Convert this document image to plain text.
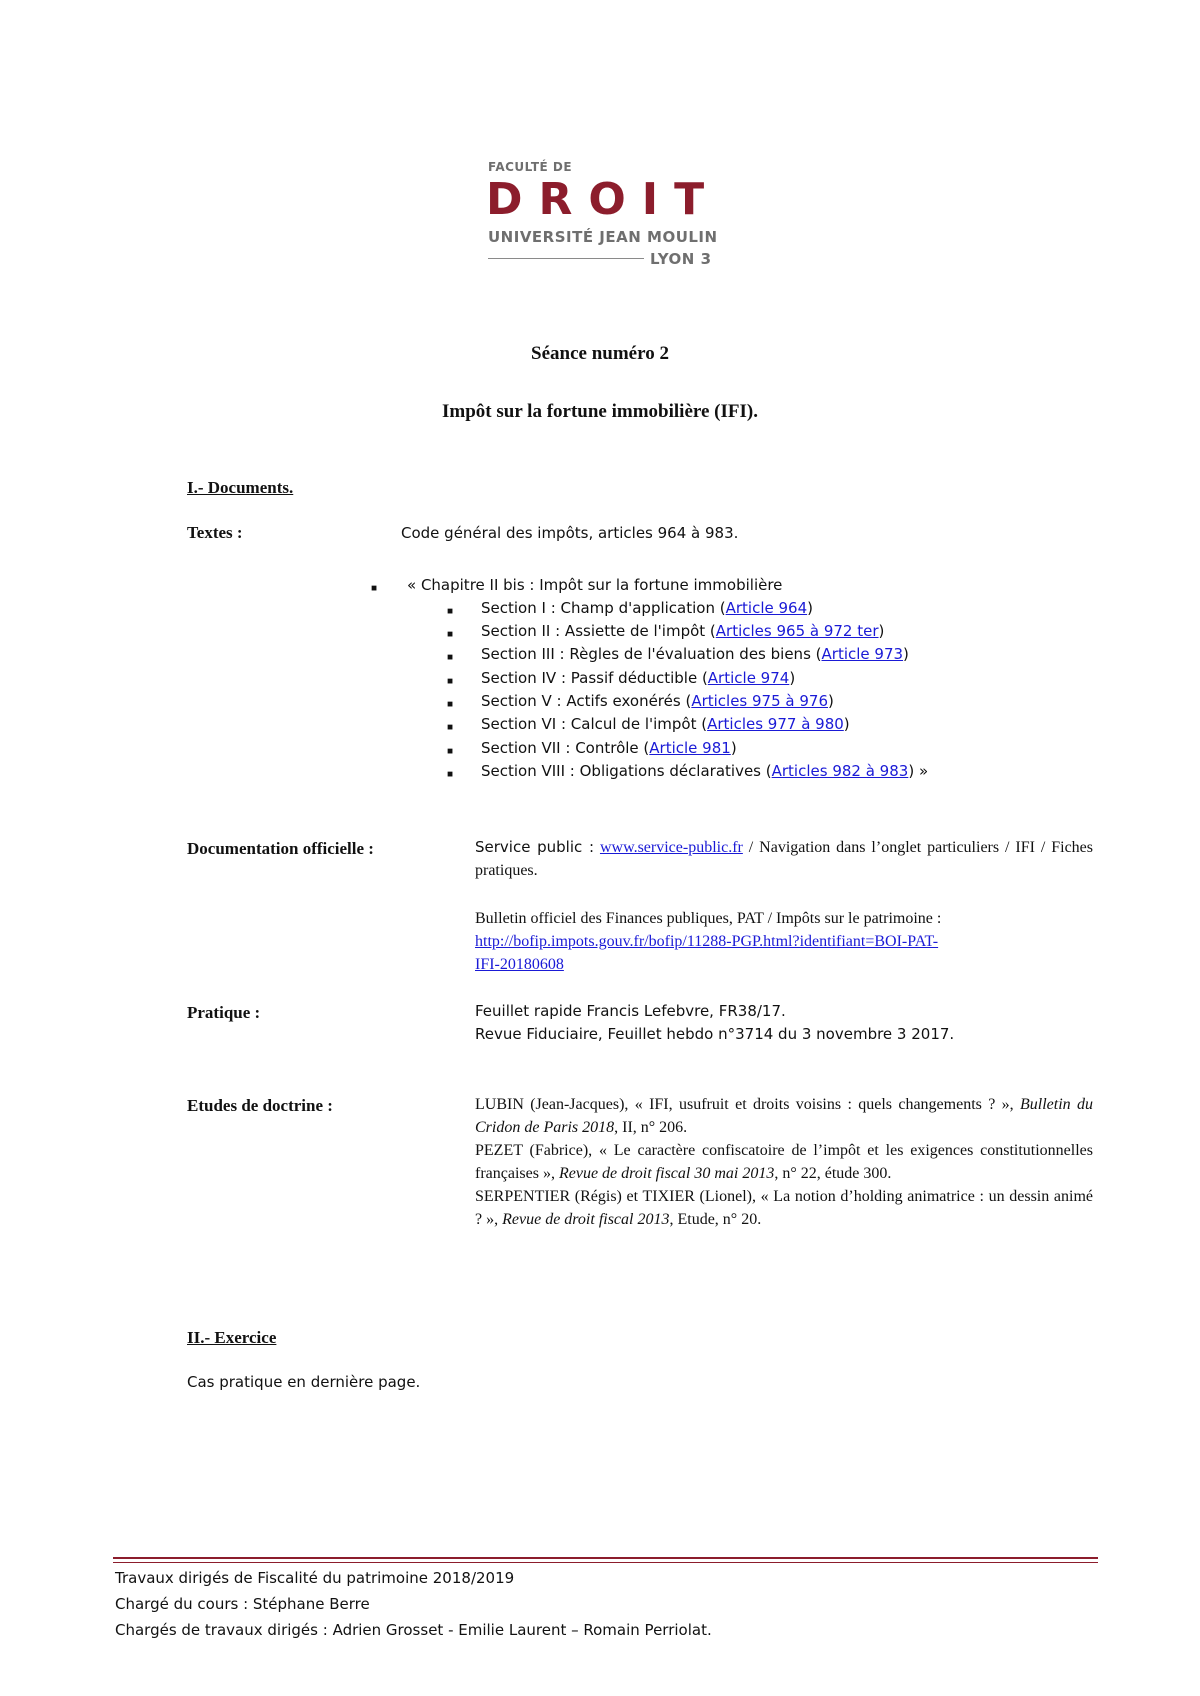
FACULTÉ DE
DROIT
UNIVERSITÉ JEAN MOULIN
LYON 3
Séance numéro 2
Impôt sur la fortune immobilière (IFI).
I.- Documents.
Textes :	Code général des impôts, articles 964 à 983.
■ « Chapitre II bis : Impôt sur la fortune immobilière
■ Section I : Champ d'application (Article 964)
■ Section II : Assiette de l'impôt (Articles 965 à 972 ter)
■ Section III : Règles de l'évaluation des biens (Article 973)
■ Section IV : Passif déductible (Article 974)
■ Section V : Actifs exonérés (Articles 975 à 976)
■ Section VI : Calcul de l'impôt (Articles 977 à 980)
■ Section VII : Contrôle (Article 981)
■ Section VIII : Obligations déclaratives (Articles 982 à 983) »
Documentation officielle :	Service public : www.service-public.fr / Navigation dans l’onglet particuliers / IFI / Fiches pratiques.
Bulletin officiel des Finances publiques, PAT / Impôts sur le patrimoine :
http://bofip.impots.gouv.fr/bofip/11288-PGP.html?identifiant=BOI-PAT-
IFI-20180608
Pratique :	Feuillet rapide Francis Lefebvre, FR38/17.
Revue Fiduciaire, Feuillet hebdo n°3714 du 3 novembre 3 2017.
Etudes de doctrine :	LUBIN (Jean-Jacques), « IFI, usufruit et droits voisins : quels changements ? », Bulletin du Cridon de Paris 2018, II, n° 206.
PEZET (Fabrice), « Le caractère confiscatoire de l’impôt et les exigences constitutionnelles françaises », Revue de droit fiscal 30 mai 2013, n° 22, étude 300.
SERPENTIER (Régis) et TIXIER (Lionel), « La notion d’holding animatrice : un dessin animé ? », Revue de droit fiscal 2013, Etude, n° 20.
II.- Exercice
Cas pratique en dernière page.
Travaux dirigés de Fiscalité du patrimoine 2018/2019
Chargé du cours : Stéphane Berre
Chargés de travaux dirigés : Adrien Grosset - Emilie Laurent – Romain Perriolat.
